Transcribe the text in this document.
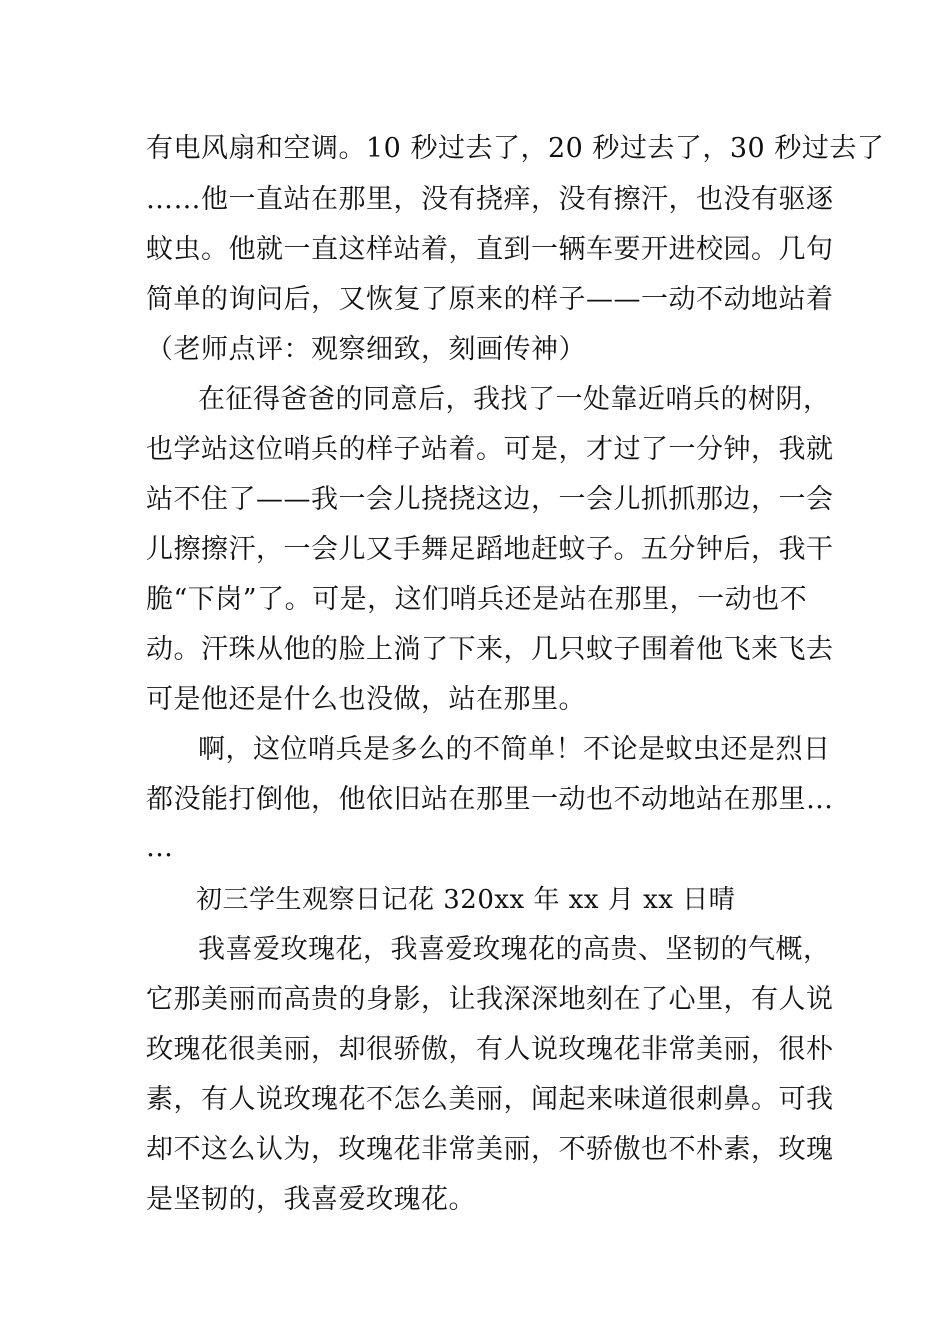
有电风扇和空调。10 秒过去了，20 秒过去了，30 秒过去了
……他一直站在那里，没有挠痒，没有擦汗，也没有驱逐
蚊虫。他就一直这样站着，直到一辆车要开进校园。几句
简单的询问后，又恢复了原来的样子——一动不动地站着
（老师点评：观察细致，刻画传神）
在征得爸爸的同意后，我找了一处靠近哨兵的树阴，
也学站这位哨兵的样子站着。可是，才过了一分钟，我就
站不住了——我一会儿挠挠这边，一会儿抓抓那边，一会
儿擦擦汗，一会儿又手舞足蹈地赶蚊子。五分钟后，我干
脆“下岗”了。可是，这们哨兵还是站在那里，一动也不
动。汗珠从他的脸上淌了下来，几只蚊子围着他飞来飞去
可是他还是什么也没做，站在那里。
啊，这位哨兵是多么的不简单！不论是蚊虫还是烈日
都没能打倒他，他依旧站在那里一动也不动地站在那里…
…
初三学生观察日记花 320xx 年 xx 月 xx 日晴
我喜爱玫瑰花，我喜爱玫瑰花的高贵、坚韧的气概，
它那美丽而高贵的身影，让我深深地刻在了心里，有人说
玫瑰花很美丽，却很骄傲，有人说玫瑰花非常美丽，很朴
素，有人说玫瑰花不怎么美丽，闻起来味道很刺鼻。可我
却不这么认为，玫瑰花非常美丽，不骄傲也不朴素，玫瑰
是坚韧的，我喜爱玫瑰花。
